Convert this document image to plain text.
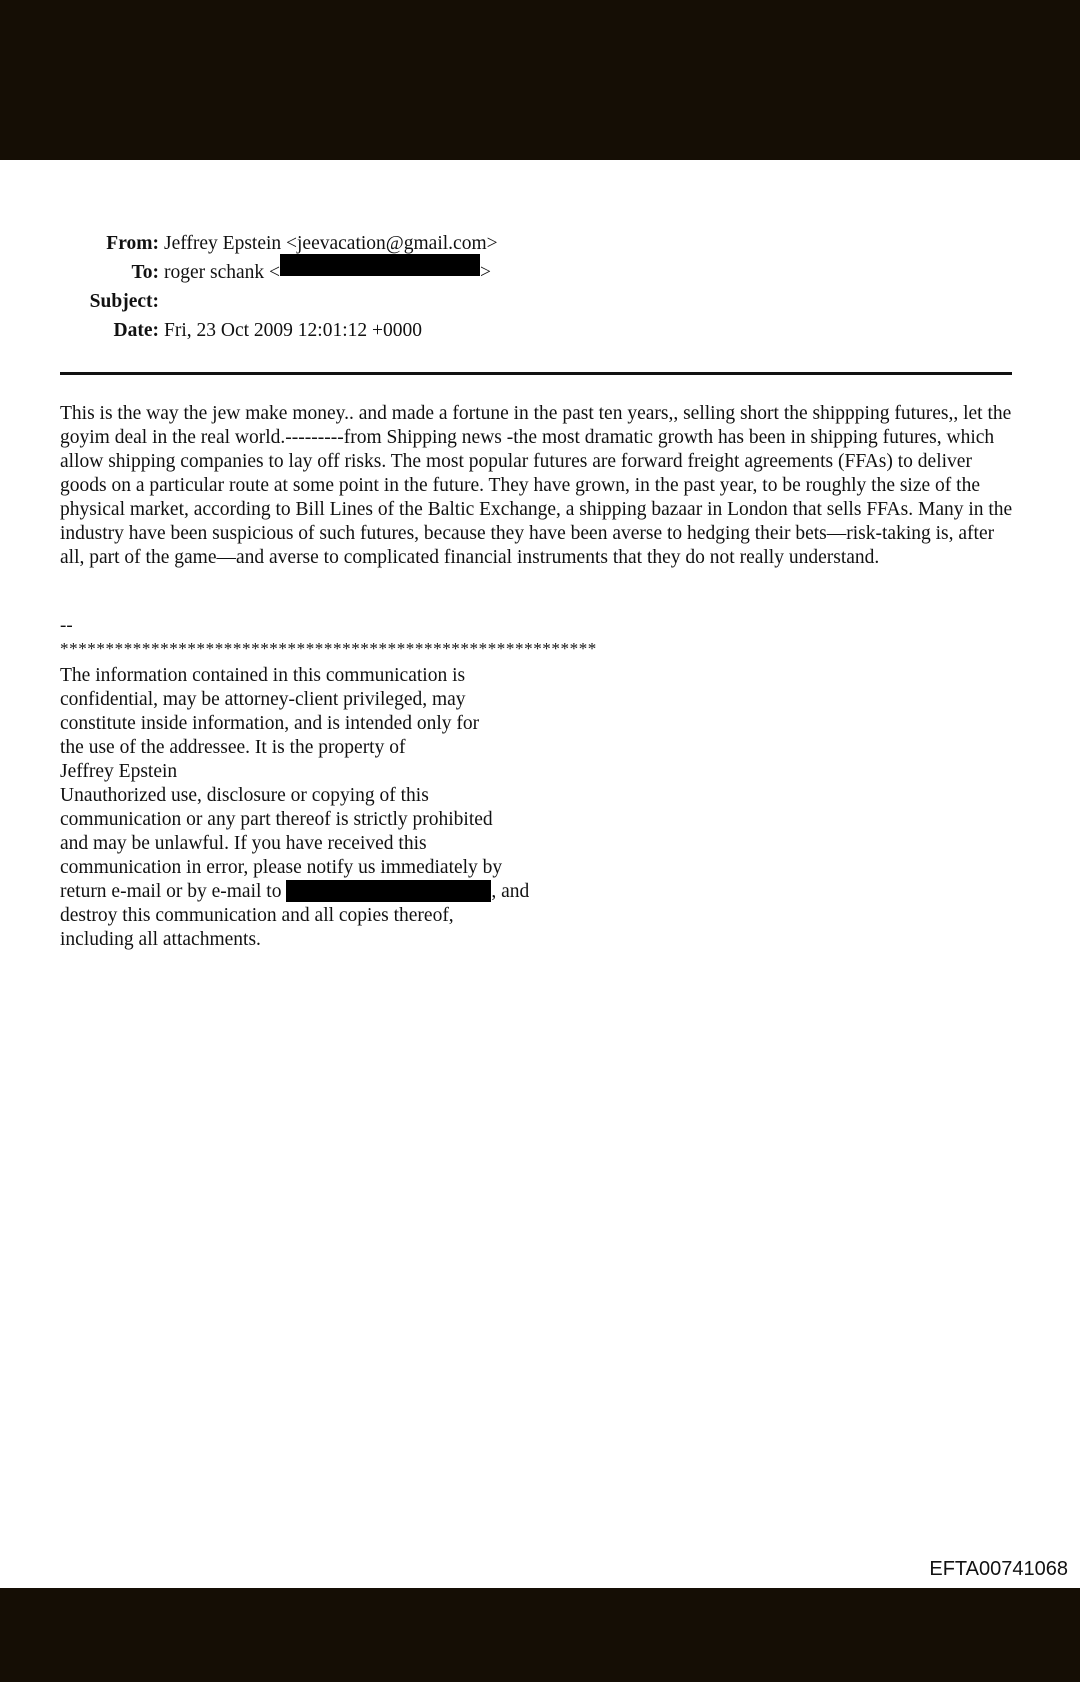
From: Jeffrey Epstein <jeevacation@gmail.com>
To: roger schank <	>
Subject:
Date: Fri, 23 Oct 2009 12:01:12 +0000

This is the way the jew make money.. and made a fortune in the past ten years,, selling short the shippping futures,, let the goyim deal in the real world.---------from Shipping news -the most dramatic growth has been in shipping futures, which allow shipping companies to lay off risks. The most popular futures are forward freight agreements (FFAs) to deliver goods on a particular route at some point in the future. They have grown, in the past year, to be roughly the size of the physical market, according to Bill Lines of the Baltic Exchange, a shipping bazaar in London that sells FFAs. Many in the industry have been suspicious of such futures, because they have been averse to hedging their bets—risk-taking is, after all, part of the game—and averse to complicated financial instruments that they do not really understand.

--
***********************************************************
The information contained in this communication is
confidential, may be attorney-client privileged, may
constitute inside information, and is intended only for
the use of the addressee. It is the property of
Jeffrey Epstein
Unauthorized use, disclosure or copying of this
communication or any part thereof is strictly prohibited
and may be unlawful. If you have received this
communication in error, please notify us immediately by
return e-mail or by e-mail to	, and
destroy this communication and all copies thereof,
including all attachments.
EFTA00741068
